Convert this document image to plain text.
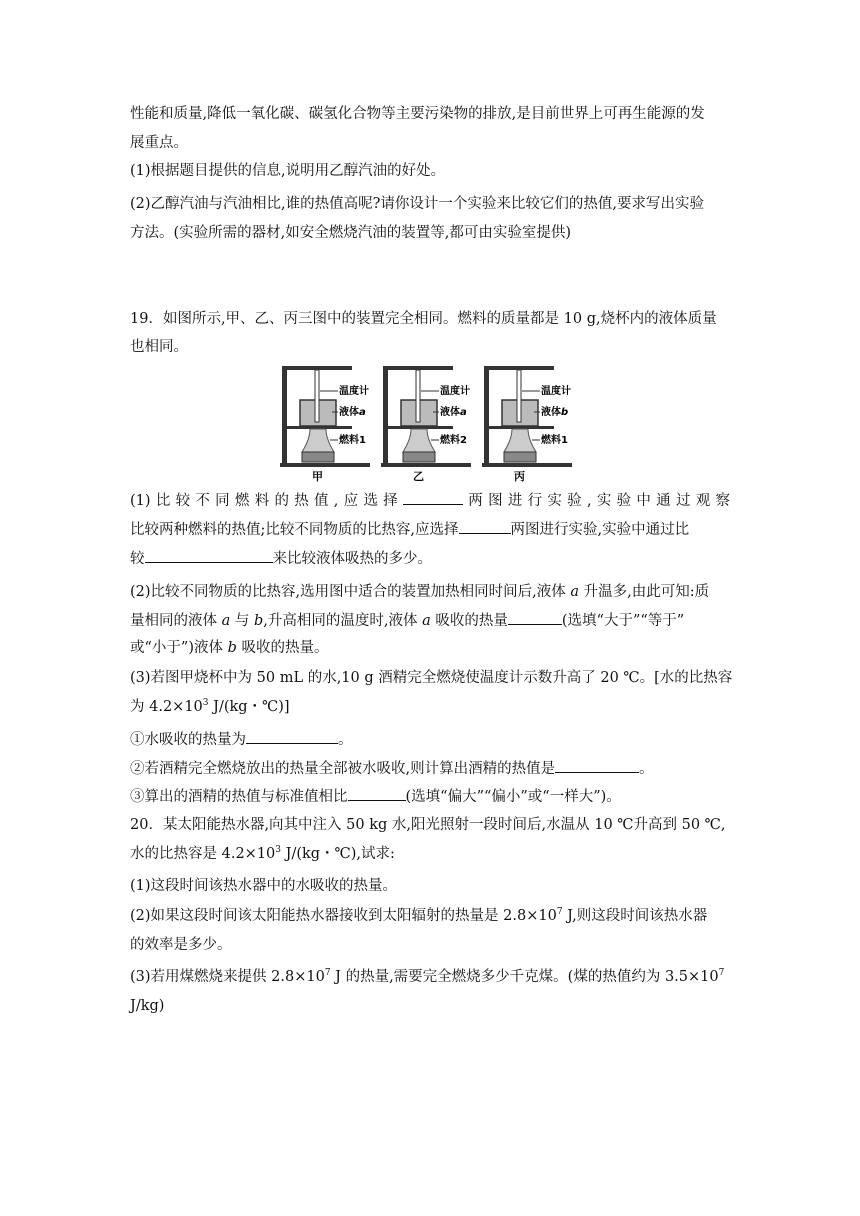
性能和质量,降低一氧化碳、碳氢化合物等主要污染物的排放,是目前世界上可再生能源的发
展重点。
(1)根据题目提供的信息,说明用乙醇汽油的好处。
(2)乙醇汽油与汽油相比,谁的热值高呢?请你设计一个实验来比较它们的热值,要求写出实验
方法。(实验所需的器材,如安全燃烧汽油的装置等,都可由实验室提供)
19．如图所示,甲、乙、丙三图中的装置完全相同。燃料的质量都是 10 g,烧杯内的液体质量
也相同。
温度计
液体a
燃料1
甲
温度计
液体a
燃料2
乙
温度计
液体b
燃料1
丙
(1)比较不同燃料的热值,应选择	两图进行实验,实验中通过观察
比较两种燃料的热值;比较不同物质的比热容,应选择	两图进行实验,实验中通过比
较	来比较液体吸热的多少。
(2)比较不同物质的比热容,选用图中适合的装置加热相同时间后,液体 a 升温多,由此可知:质
量相同的液体 a 与 b,升高相同的温度时,液体 a 吸收的热量	(选填“大于”“等于”
或“小于”)液体 b 吸收的热量。
(3)若图甲烧杯中为 50 mL 的水,10 g 酒精完全燃烧使温度计示数升高了 20 ℃。[水的比热容
为 $4.2\times 10^3$ J/(kg・℃)]
①水吸收的热量为	。
②若酒精完全燃烧放出的热量全部被水吸收,则计算出酒精的热值是	。
③算出的酒精的热值与标准值相比	(选填“偏大”“偏小”或“一样大”)。
20．某太阳能热水器,向其中注入 50 kg 水,阳光照射一段时间后,水温从 10 ℃升高到 50 ℃,
水的比热容是 $4.2\times 10^3$ J/(kg・℃),试求:
(1)这段时间该热水器中的水吸收的热量。
(2)如果这段时间该太阳能热水器接收到太阳辐射的热量是 $2.8\times 10^7$ J,则这段时间该热水器
的效率是多少。
(3)若用煤燃烧来提供 $2.8\times 10^7$ J 的热量,需要完全燃烧多少千克煤。(煤的热值约为 $3.5\times 10^7$
J/kg)
